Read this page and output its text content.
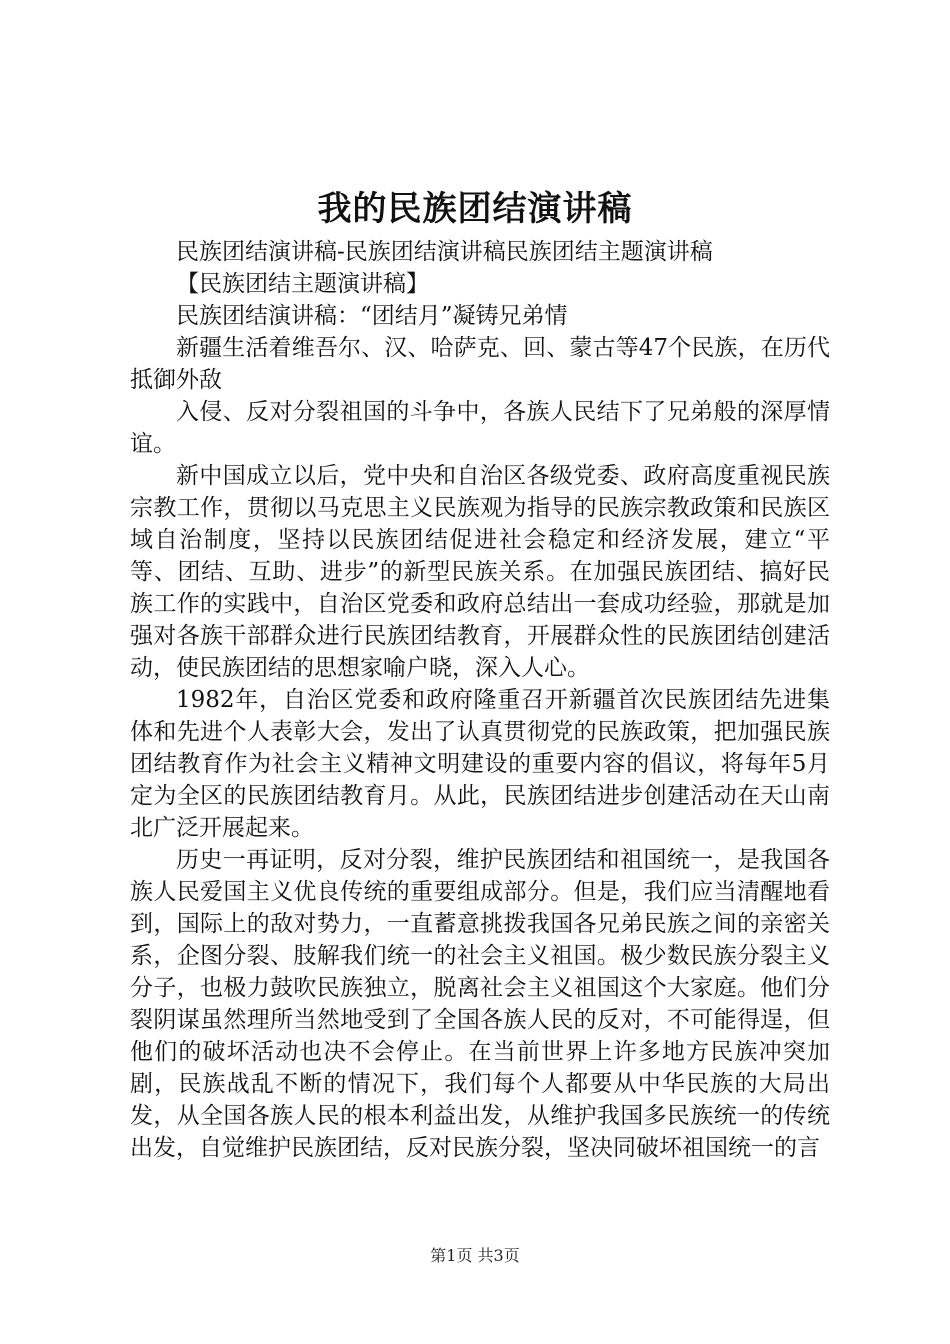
我的民族团结演讲稿

民族团结演讲稿-民族团结演讲稿民族团结主题演讲稿

【民族团结主题演讲稿】

民族团结演讲稿：“团结月”凝铸兄弟情

新疆生活着维吾尔、汉、哈萨克、回、蒙古等47个民族，在历代抵御外敌

入侵、反对分裂祖国的斗争中，各族人民结下了兄弟般的深厚情谊。

新中国成立以后，党中央和自治区各级党委、政府高度重视民族宗教工作，贯彻以马克思主义民族观为指导的民族宗教政策和民族区域自治制度，坚持以民族团结促进社会稳定和经济发展，建立“平等、团结、互助、进步”的新型民族关系。在加强民族团结、搞好民族工作的实践中，自治区党委和政府总结出一套成功经验，那就是加强对各族干部群众进行民族团结教育，开展群众性的民族团结创建活动，使民族团结的思想家喻户晓，深入人心。

1982年，自治区党委和政府隆重召开新疆首次民族团结先进集体和先进个人表彰大会，发出了认真贯彻党的民族政策，把加强民族团结教育作为社会主义精神文明建设的重要内容的倡议，将每年5月定为全区的民族团结教育月。从此，民族团结进步创建活动在天山南北广泛开展起来。

历史一再证明，反对分裂，维护民族团结和祖国统一，是我国各族人民爱国主义优良传统的重要组成部分。但是，我们应当清醒地看到，国际上的敌对势力，一直蓄意挑拨我国各兄弟民族之间的亲密关系，企图分裂、肢解我们统一的社会主义祖国。极少数民族分裂主义分子，也极力鼓吹民族独立，脱离社会主义祖国这个大家庭。他们分裂阴谋虽然理所当然地受到了全国各族人民的反对，不可能得逞，但他们的破坏活动也决不会停止。在当前世界上许多地方民族冲突加剧，民族战乱不断的情况下，我们每个人都要从中华民族的大局出发，从全国各族人民的根本利益出发，从维护我国多民族统一的传统出发，自觉维护民族团结，反对民族分裂，坚决同破坏祖国统一的言

第1页 共3页
